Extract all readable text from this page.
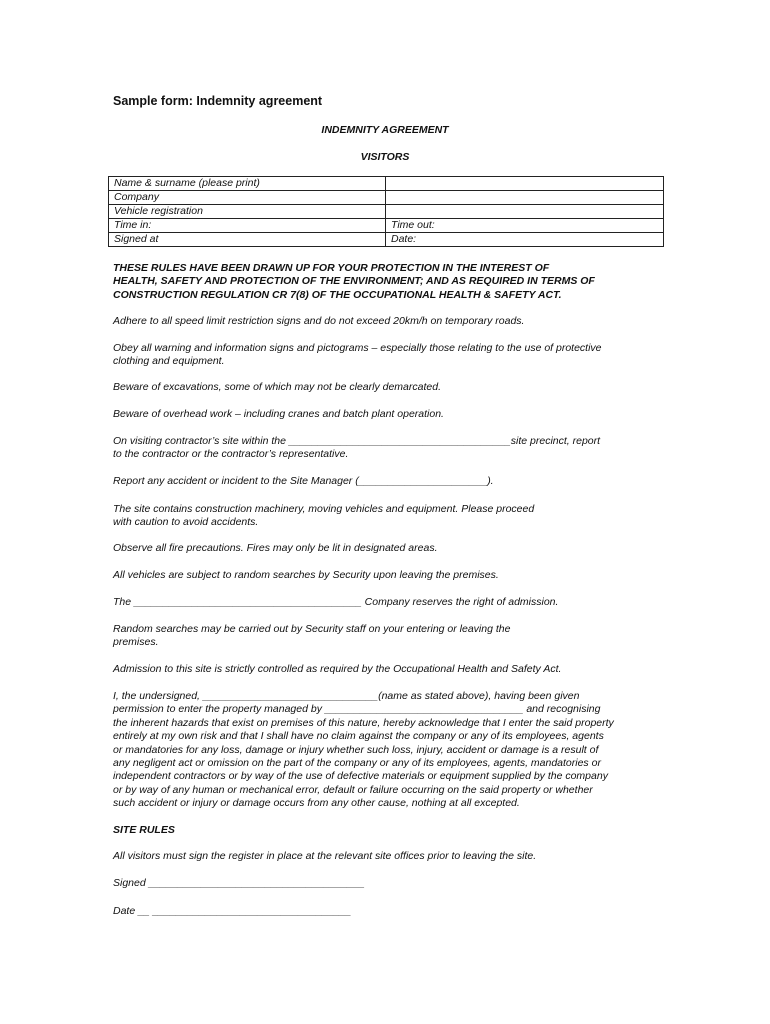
Sample form: Indemnity agreement

INDEMNITY AGREEMENT

VISITORS

Name & surname (please print)	
Company	
Vehicle registration	
Time in:	Time out:
Signed at	Date:

THESE RULES HAVE BEEN DRAWN UP FOR YOUR PROTECTION IN THE INTEREST OF
HEALTH, SAFETY AND PROTECTION OF THE ENVIRONMENT; AND AS REQUIRED IN TERMS OF
CONSTRUCTION REGULATION CR 7(8) OF THE OCCUPATIONAL HEALTH & SAFETY ACT.

Adhere to all speed limit restriction signs and do not exceed 20km/h on temporary roads.

Obey all warning and information signs and pictograms – especially those relating to the use of protective
clothing and equipment.

Beware of excavations, some of which may not be clearly demarcated.

Beware of overhead work – including cranes and batch plant operation.

On visiting contractor’s site within the ______________________________________site precinct, report
to the contractor or the contractor’s representative.

Report any accident or incident to the Site Manager (______________________).

The site contains construction machinery, moving vehicles and equipment. Please proceed
with caution to avoid accidents.

Observe all fire precautions. Fires may only be lit in designated areas.

All vehicles are subject to random searches by Security upon leaving the premises.

The _______________________________________ Company reserves the right of admission.

Random searches may be carried out by Security staff on your entering or leaving the
premises.

Admission to this site is strictly controlled as required by the Occupational Health and Safety Act.

I, the undersigned, ______________________________(name as stated above), having been given
permission to enter the property managed by __________________________________ and recognising
the inherent hazards that exist on premises of this nature, hereby acknowledge that I enter the said property
entirely at my own risk and that I shall have no claim against the company or any of its employees, agents
or mandatories for any loss, damage or injury whether such loss, injury, accident or damage is a result of
any negligent act or omission on the part of the company or any of its employees, agents, mandatories or
independent contractors or by way of the use of defective materials or equipment supplied by the company
or by way of any human or mechanical error, default or failure occurring on the said property or whether
such accident or injury or damage occurs from any other cause, nothing at all excepted.

SITE RULES

All visitors must sign the register in place at the relevant site offices prior to leaving the site.

Signed _____________________________________

Date __ __________________________________
